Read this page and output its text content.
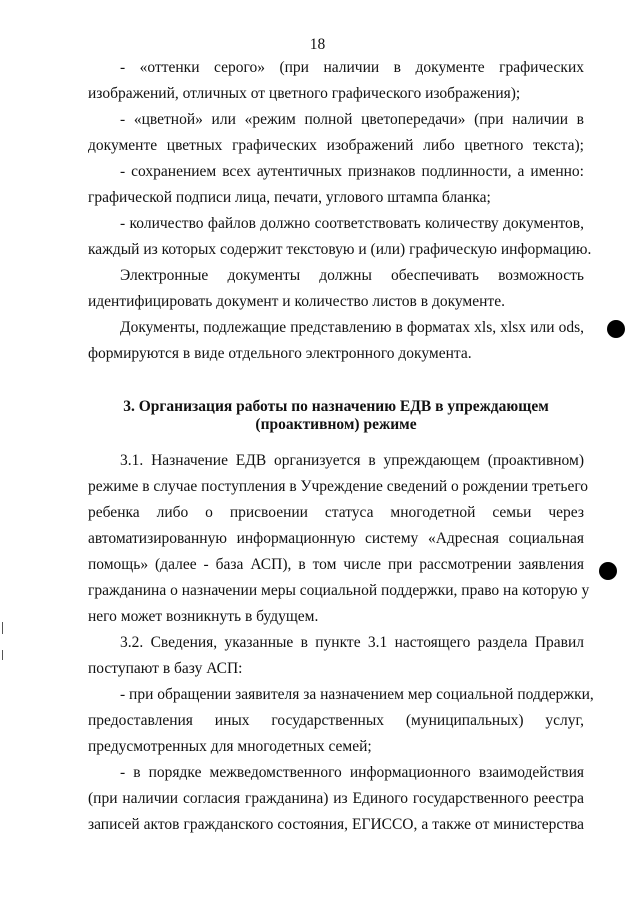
18
- «оттенки серого» (при наличии в документе графических
изображений, отличных от цветного графического изображения);
- «цветной» или «режим полной цветопередачи» (при наличии в
документе цветных графических изображений либо цветного текста);
- сохранением всех аутентичных признаков подлинности, а именно:
графической подписи лица, печати, углового штампа бланка;
- количество файлов должно соответствовать количеству документов,
каждый из которых содержит текстовую и (или) графическую информацию.
Электронные документы должны обеспечивать возможность
идентифицировать документ и количество листов в документе.
Документы, подлежащие представлению в форматах xls, xlsx или ods,
формируются в виде отдельного электронного документа.
3. Организация работы по назначению ЕДВ в упреждающем
(проактивном) режиме
3.1. Назначение ЕДВ организуется в упреждающем (проактивном)
режиме в случае поступления в Учреждение сведений о рождении третьего
ребенка либо о присвоении статуса многодетной семьи через
автоматизированную информационную систему «Адресная социальная
помощь» (далее - база АСП), в том числе при рассмотрении заявления
гражданина о назначении меры социальной поддержки, право на которую у
него может возникнуть в будущем.
3.2. Сведения, указанные в пункте 3.1 настоящего раздела Правил
поступают в базу АСП:
- при обращении заявителя за назначением мер социальной поддержки,
предоставления иных государственных (муниципальных) услуг,
предусмотренных для многодетных семей;
- в порядке межведомственного информационного взаимодействия
(при наличии согласия гражданина) из Единого государственного реестра
записей актов гражданского состояния, ЕГИССО, а также от министерства
